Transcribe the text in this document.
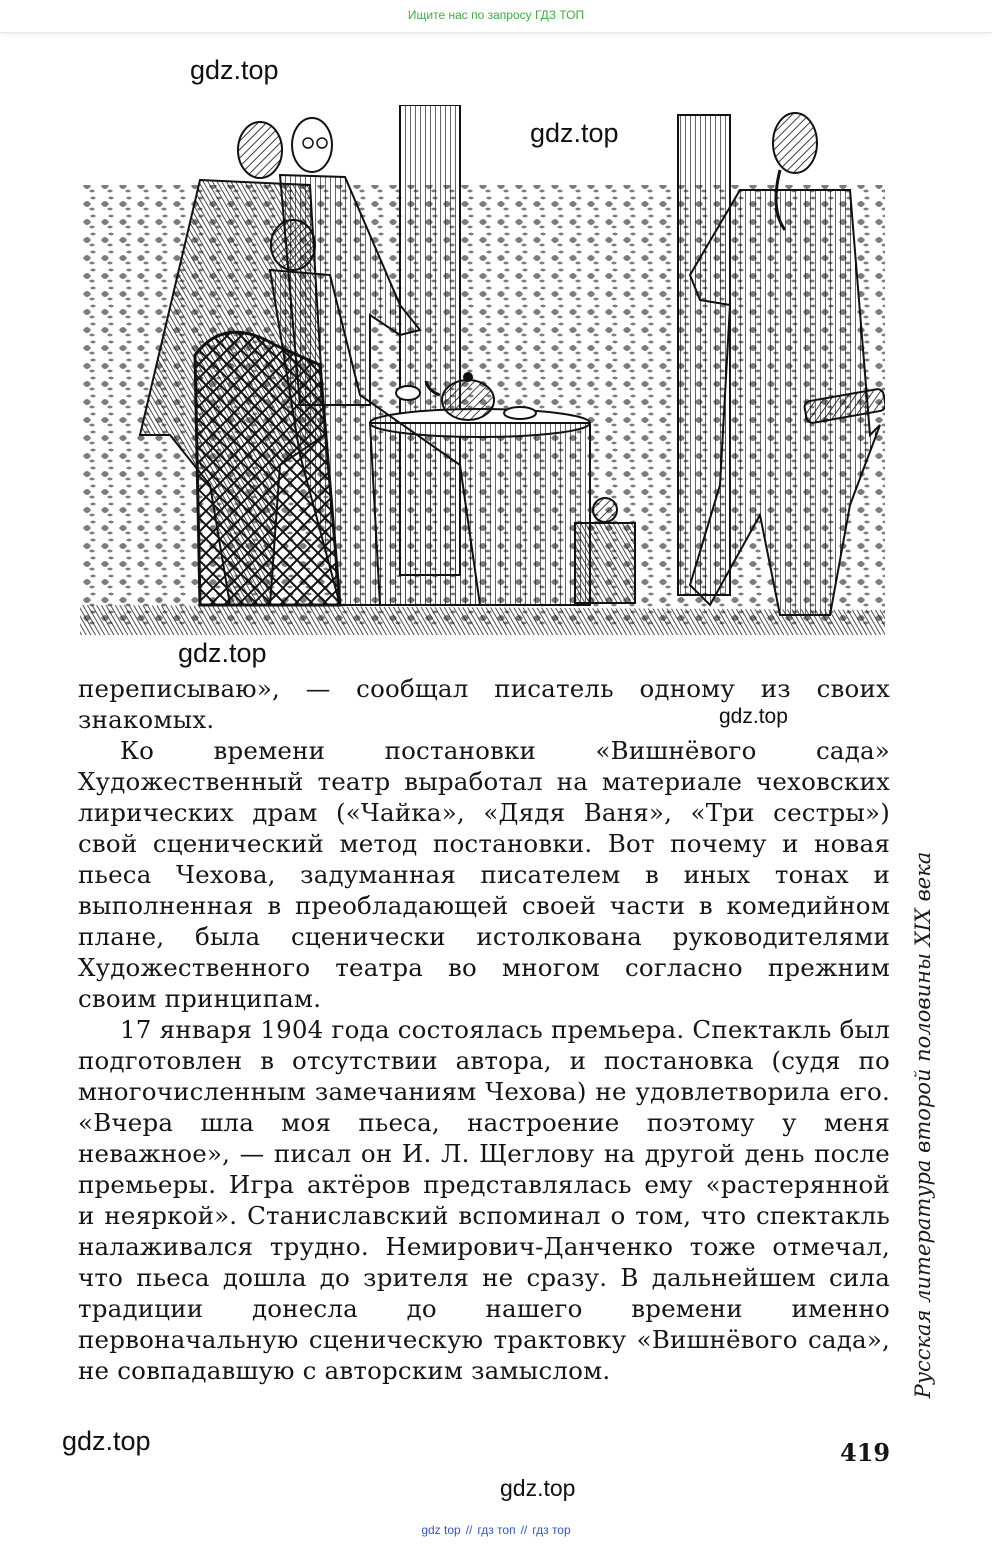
Ищите нас по запросу ГДЗ ТОП
gdz.top
gdz.top
gdz.top
gdz.top

переписываю», — сообщал писатель одному из своих знакомых.

Ко времени постановки «Вишнёвого сада» Художественный театр выработал на материале чеховских лирических драм («Чайка», «Дядя Ваня», «Три сестры») свой сценический метод постановки. Вот почему и новая пьеса Чехова, задуманная писателем в иных тонах и выполненная в преобладающей своей части в комедийном плане, была сценически истолкована руководителями Художественного театра во многом согласно прежним своим принципам.

17 января 1904 года состоялась премьера. Спектакль был подготовлен в отсутствии автора, и постановка (судя по многочисленным замечаниям Чехова) не удовлетворила его. «Вчера шла моя пьеса, настроение поэтому у меня неважное», — писал он И. Л. Щеглову на другой день после премьеры. Игра актёров представлялась ему «растерянной и неяркой». Станиславский вспоминал о том, что спектакль налаживался трудно. Немирович-Данченко тоже отмечал, что пьеса дошла до зрителя не сразу. В дальнейшем сила традиции донесла до нашего времени именно первоначальную сценическую трактовку «Вишнёвого сада», не совпадавшую с авторским замыслом.	Русская литература второй половины XIX века
gdz.top	419
gdz.top
gdz top // гдз топ // гдз тор
